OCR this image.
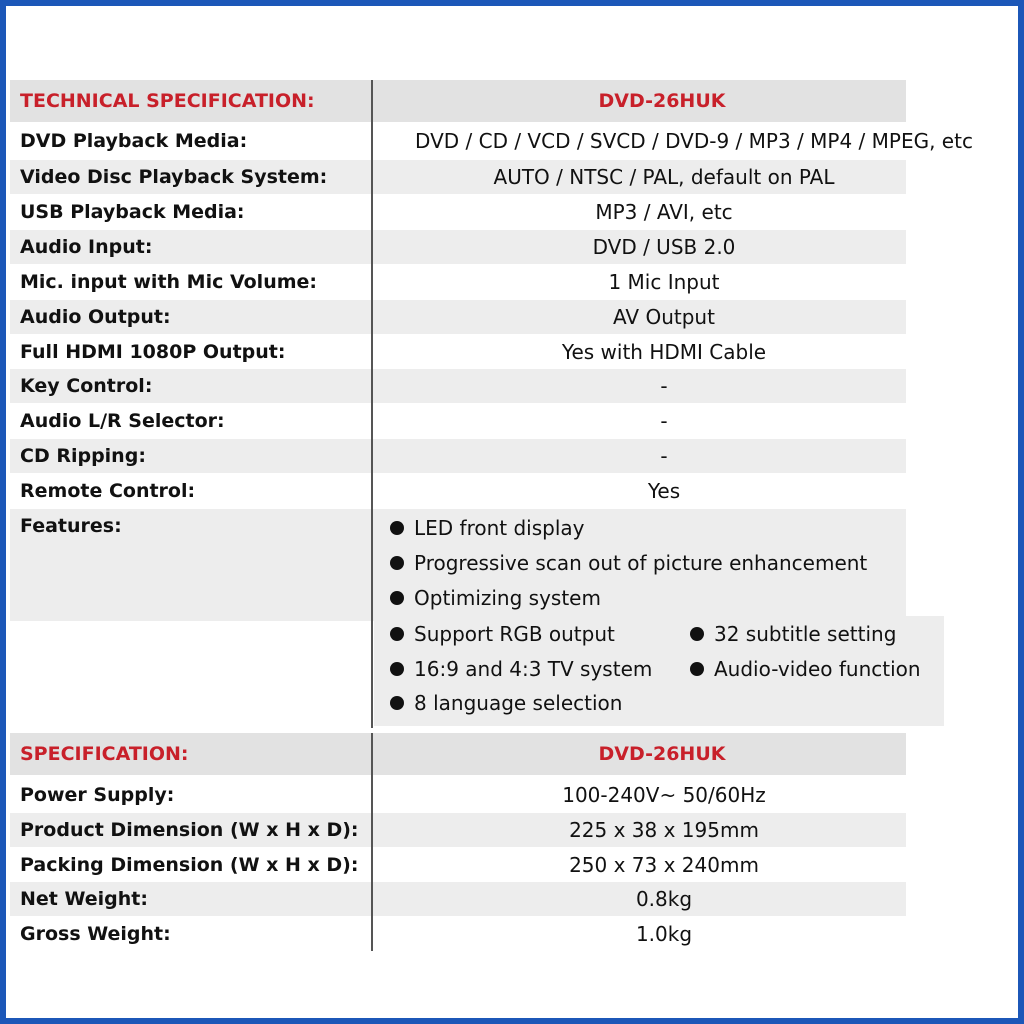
TECHNICAL SPECIFICATION:	DVD-26HUK
DVD Playback Media:	DVD / CD / VCD / SVCD / DVD-9 / MP3 / MP4 / MPEG, etc
Video Disc Playback System:	AUTO / NTSC / PAL, default on PAL
USB Playback Media:	MP3 / AVI, etc
Audio Input:	DVD / USB 2.0
Mic. input with Mic Volume:	1 Mic Input
Audio Output:	AV Output
Full HDMI 1080P Output:	Yes with HDMI Cable
Key Control:	-
Audio L/R Selector:	-
CD Ripping:	-
Remote Control:	Yes
Features:	LED front display
Progressive scan out of picture enhancement
Optimizing system
Support RGB output	32 subtitle setting
16:9 and 4:3 TV system	Audio-video function
8 language selection
SPECIFICATION:	DVD-26HUK
Power Supply:	100-240V~ 50/60Hz
Product Dimension (W x H x D):	225 x 38 x 195mm
Packing Dimension (W x H x D):	250 x 73 x 240mm
Net Weight:	0.8kg
Gross Weight:	1.0kg
